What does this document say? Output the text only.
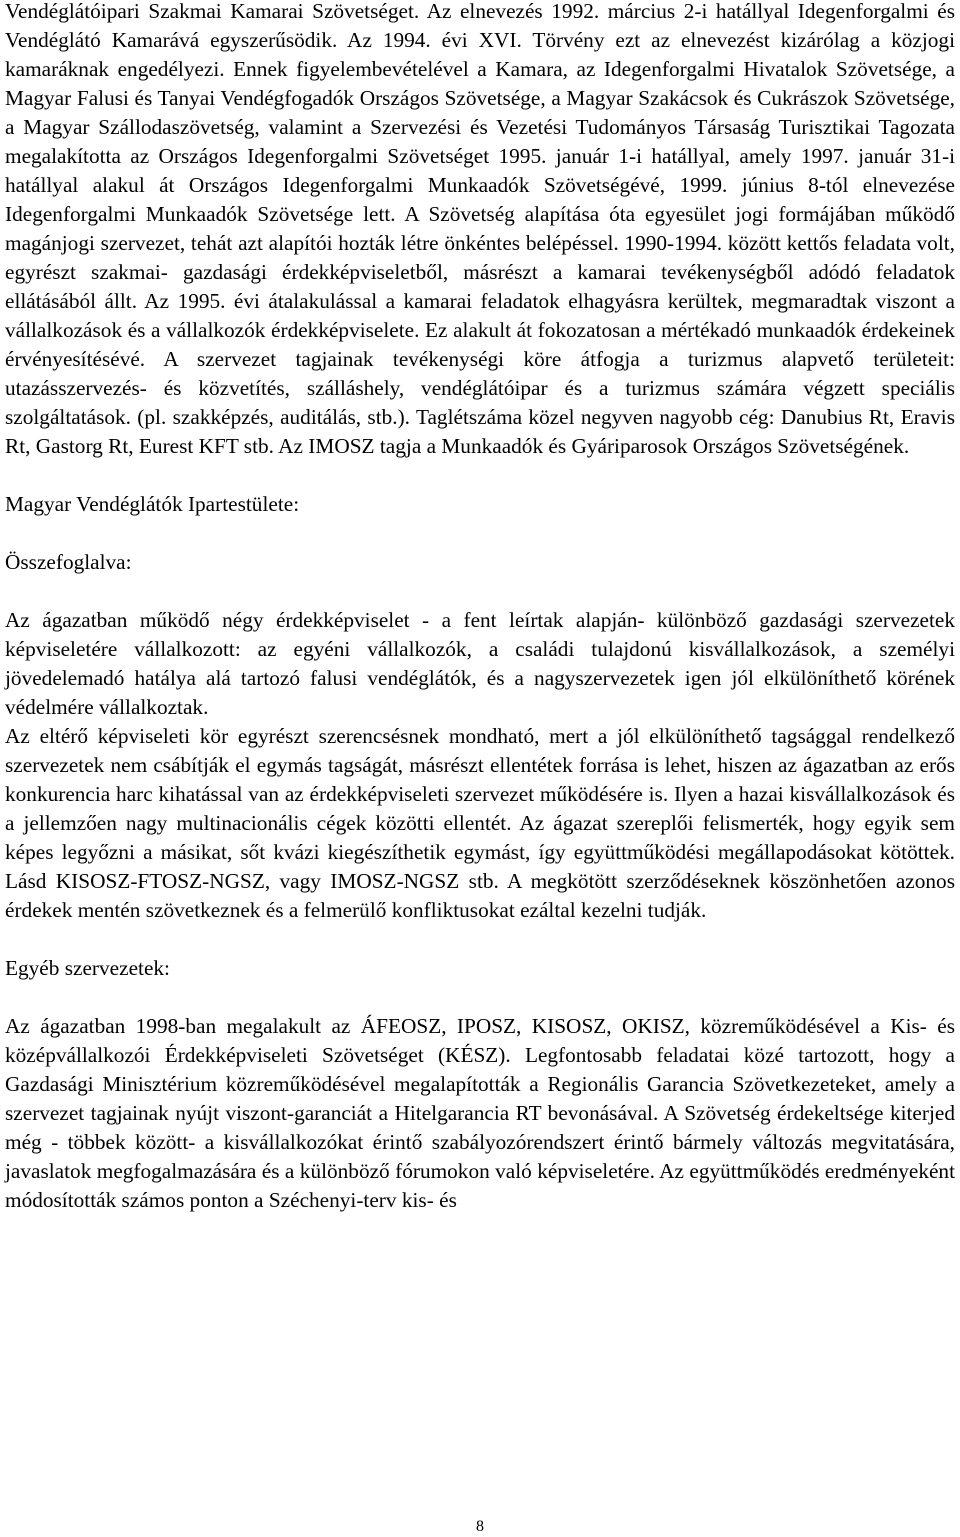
Vendéglátóipari Szakmai Kamarai Szövetséget. Az elnevezés 1992. március 2-i hatállyal Idegenforgalmi és Vendéglátó Kamarává egyszerűsödik. Az 1994. évi XVI. Törvény ezt az elnevezést kizárólag a közjogi kamaráknak engedélyezi. Ennek figyelembevételével a Kamara, az Idegenforgalmi Hivatalok Szövetsége, a Magyar Falusi és Tanyai Vendégfogadók Országos Szövetsége, a Magyar Szakácsok és Cukrászok Szövetsége, a Magyar Szállodaszövetség, valamint a Szervezési és Vezetési Tudományos Társaság Turisztikai Tagozata megalakította az Országos Idegenforgalmi Szövetséget 1995. január 1-i hatállyal, amely 1997. január 31-i hatállyal alakul át Országos Idegenforgalmi Munkaadók Szövetségévé, 1999. június 8-tól elnevezése Idegenforgalmi Munkaadók Szövetsége lett. A Szövetség alapítása óta egyesület jogi formájában működő magánjogi szervezet, tehát azt alapítói hozták létre önkéntes belépéssel. 1990-1994. között kettős feladata volt, egyrészt szakmai- gazdasági érdekképviseletből, másrészt a kamarai tevékenységből adódó feladatok ellátásából állt. Az 1995. évi átalakulással a kamarai feladatok elhagyásra kerültek, megmaradtak viszont a vállalkozások és a vállalkozók érdekképviselete. Ez alakult át fokozatosan a mértékadó munkaadók érdekeinek érvényesítésévé. A szervezet tagjainak tevékenységi köre átfogja a turizmus alapvető területeit: utazásszervezés- és közvetítés, szálláshely, vendéglátóipar és a turizmus számára végzett speciális szolgáltatások. (pl. szakképzés, auditálás, stb.). Taglétszáma közel negyven nagyobb cég: Danubius Rt, Eravis Rt, Gastorg Rt, Eurest KFT stb. Az IMOSZ tagja a Munkaadók és Gyáriparosok Országos Szövetségének.

Magyar Vendéglátók Ipartestülete:

Összefoglalva:

Az ágazatban működő négy érdekképviselet - a fent leírtak alapján- különböző gazdasági szervezetek képviseletére vállalkozott: az egyéni vállalkozók, a családi tulajdonú kisvállalkozások, a személyi jövedelemadó hatálya alá tartozó falusi vendéglátók, és a nagyszervezetek igen jól elkülöníthető körének védelmére vállalkoztak.

Az eltérő képviseleti kör egyrészt szerencsésnek mondható, mert a jól elkülöníthető tagsággal rendelkező szervezetek nem csábítják el egymás tagságát, másrészt ellentétek forrása is lehet, hiszen az ágazatban az erős konkurencia harc kihatással van az érdekképviseleti szervezet működésére is. Ilyen a hazai kisvállalkozások és a jellemzően nagy multinacionális cégek közötti ellentét. Az ágazat szereplői felismerték, hogy egyik sem képes legyőzni a másikat, sőt kvázi kiegészíthetik egymást, így együttműködési megállapodásokat kötöttek. Lásd KISOSZ-FTOSZ-NGSZ, vagy IMOSZ-NGSZ stb. A megkötött szerződéseknek köszönhetően azonos érdekek mentén szövetkeznek és a felmerülő konfliktusokat ezáltal kezelni tudják.

Egyéb szervezetek:

Az ágazatban 1998-ban megalakult az ÁFEOSZ, IPOSZ, KISOSZ, OKISZ, közreműködésével a Kis- és középvállalkozói Érdekképviseleti Szövetséget (KÉSZ). Legfontosabb feladatai közé tartozott, hogy a Gazdasági Minisztérium közreműködésével megalapították a Regionális Garancia Szövetkezeteket, amely a szervezet tagjainak nyújt viszont-garanciát a Hitelgarancia RT bevonásával. A Szövetség érdekeltsége kiterjed még - többek között- a kisvállalkozókat érintő szabályozórendszert érintő bármely változás megvitatására, javaslatok megfogalmazására és a különböző fórumokon való képviseletére. Az együttműködés eredményeként módosították számos ponton a Széchenyi-terv kis- és

8
